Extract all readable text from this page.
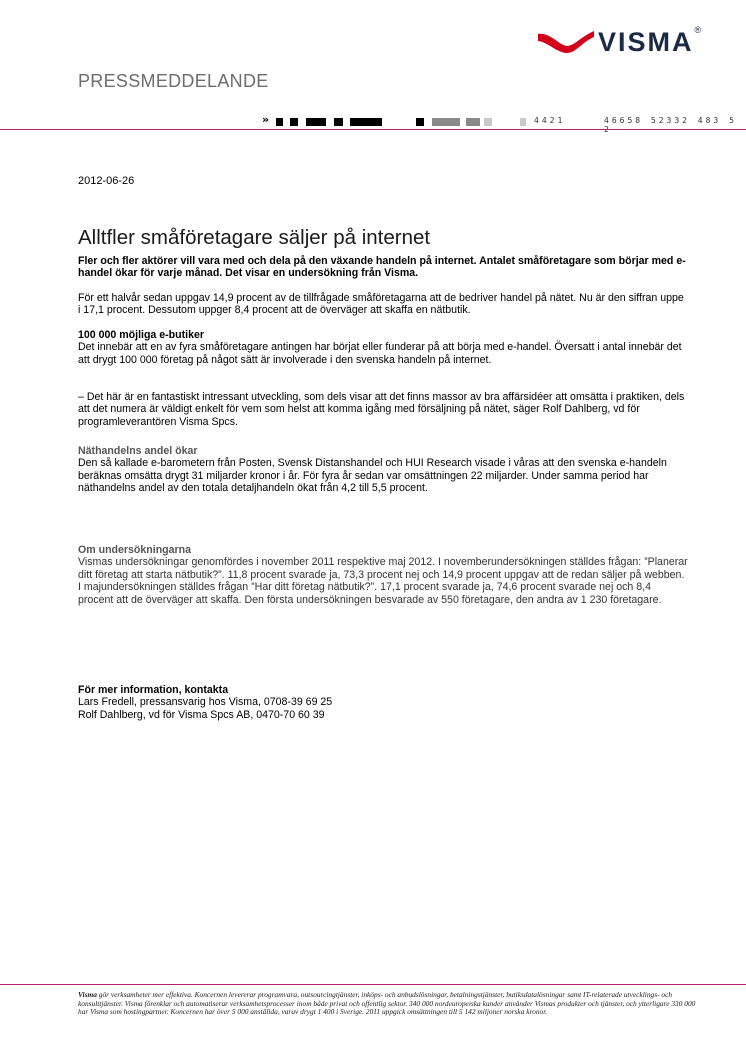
VISMA ®
PRESSMEDDELANDE
»	4421	46658 52332 483 5
2012-06-26
Alltfler småföretagare säljer på internet

Fler och fler aktörer vill vara med och dela på den växande handeln på internet. Antalet småföretagare som börjar med e-handel ökar för varje månad. Det visar en undersökning från Visma.

För ett halvår sedan uppgav 14,9 procent av de tillfrågade småföretagarna att de bedriver handel på nätet. Nu är den siffran uppe i 17,1 procent. Dessutom uppger 8,4 procent att de överväger att skaffa en nätbutik.

100 000 möjliga e-butiker

Det innebär att en av fyra småföretagare antingen har börjat eller funderar på att börja med e-handel. Översatt i antal innebär det att drygt 100 000 företag på något sätt är involverade i den svenska handeln på internet.

– Det här är en fantastiskt intressant utveckling, som dels visar att det finns massor av bra affärsidéer att omsätta i praktiken, dels att det numera är väldigt enkelt för vem som helst att komma igång med försäljning på nätet, säger Rolf Dahlberg, vd för programleverantören Visma Spcs.

Näthandelns andel ökar

Den så kallade e-barometern från Posten, Svensk Distanshandel och HUI Research visade i våras att den svenska e-handeln beräknas omsätta drygt 31 miljarder kronor i år. För fyra år sedan var omsättningen 22 miljarder. Under samma period har näthandelns andel av den totala detaljhandeln ökat från 4,2 till 5,5 procent.

Om undersökningarna

Vismas undersökningar genomfördes i november 2011 respektive maj 2012. I novemberundersökningen ställdes frågan: ”Planerar ditt företag att starta nätbutik?”. 11,8 procent svarade ja, 73,3 procent nej och 14,9 procent uppgav att de redan säljer på webben. I majundersökningen ställdes frågan ”Har ditt företag nätbutik?”. 17,1 procent svarade ja, 74,6 procent svarade nej och 8,4 procent att de överväger att skaffa. Den första undersökningen besvarade av 550 företagare, den andra av 1 230 företagare.

För mer information, kontakta

Lars Fredell, pressansvarig hos Visma, 0708-39 69 25

Rolf Dahlberg, vd för Visma Spcs AB, 0470-70 60 39

Visma gör verksamheter mer effektiva. Koncernen levererar programvara, outsourcingtjänster, inköps- och anbudslösningar, betalningstjänster, butiksdatalösningar samt IT-relaterade utvecklings- och konsulttjänster. Visma förenklar och automatiserar verksamhetsprocesser inom både privat och offentlig sektor. 340 000 nordeuropeiska kunder använder Vismas produkter och tjänster, och ytterligare 330 000 har Visma som hostingpartner. Koncernen har över 5 000 anställda, varav drygt 1 400 i Sverige. 2011 uppgick omsättningen till 5 142 miljoner norska kronor.
